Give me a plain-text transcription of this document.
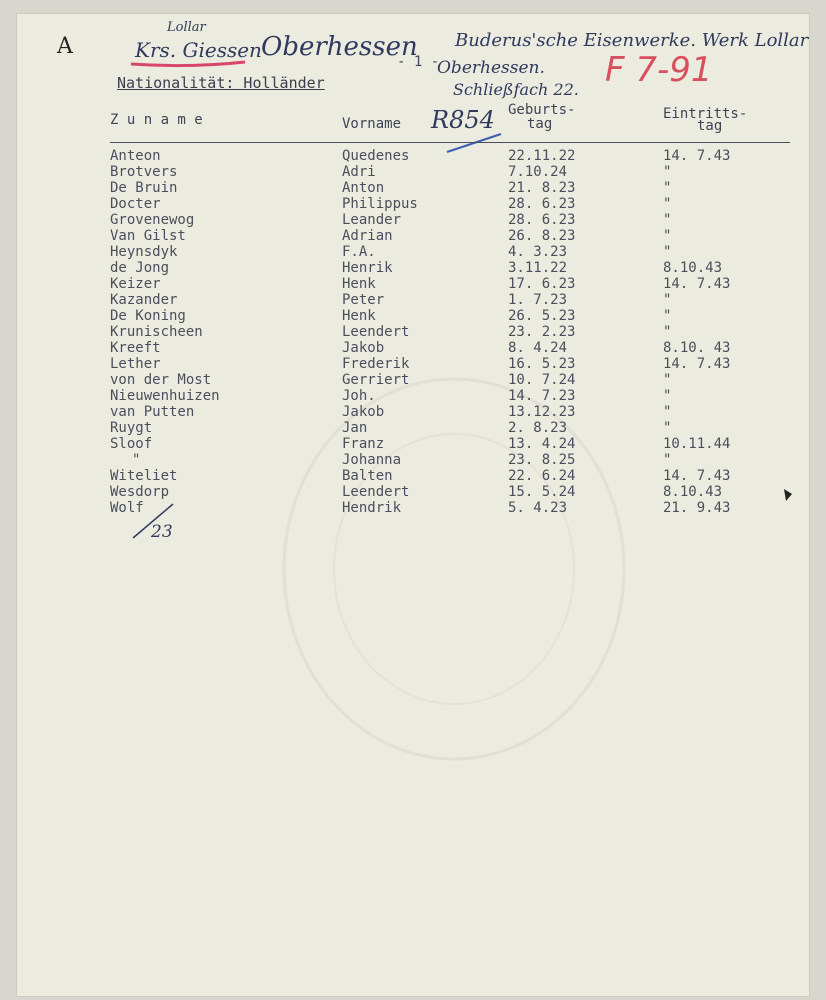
A
Lollar
Krs. Giessen Oberhessen
- 1 -
Buderus'sche Eisenwerke. Werk Lollar
Oberhessen.
Schließfach 22. F 7-91
R854
Nationalität: Holländer
Z u n a m e	Vorname
Geburts-
tag
Eintritts-
tag
Anteon	Quedenes	22.11.22	14. 7.43
Brotvers	Adri	7.10.24	"
De Bruin	Anton	21. 8.23	"
Docter	Philippus	28. 6.23	"
Grovenewog	Leander	28. 6.23	"
Van Gilst	Adrian	26. 8.23	"
Heynsdyk	F.A.	4. 3.23	"
de Jong	Henrik	3.11.22	8.10.43
Keizer	Henk	17. 6.23	14. 7.43
Kazander	Peter	1. 7.23	"
De Koning	Henk	26. 5.23	"
Krunischeen	Leendert	23. 2.23	"
Kreeft	Jakob	8. 4.24	8.10. 43
Lether	Frederik	16. 5.23	14. 7.43
von der Most	Gerriert	10. 7.24	"
Nieuwenhuizen	Joh.	14. 7.23	"
van Putten	Jakob	13.12.23	"
Ruygt	Jan	2. 8.23	"
Sloof	Franz	13. 4.24	10.11.44
"	Johanna	23. 8.25	"
Witeliet	Balten	22. 6.24	14. 7.43
Wesdorp	Leendert	15. 5.24	8.10.43
Wolf	Hendrik	5. 4.23	21. 9.43
23
